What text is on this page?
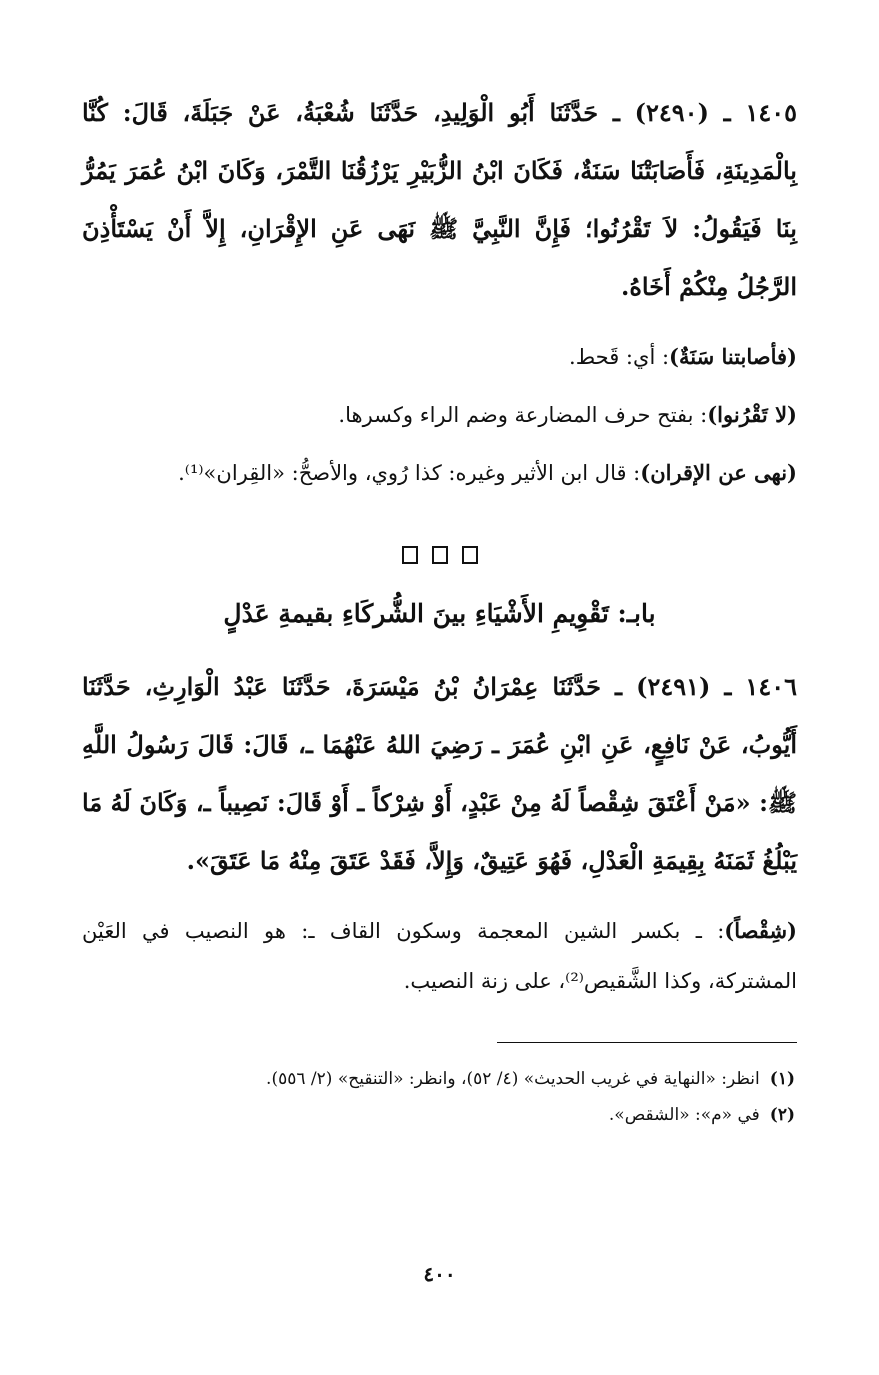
١٤٠٥ ـ (٢٤٩٠) ـ حَدَّثَنَا أَبُو الْوَلِيدِ، حَدَّثَنَا شُعْبَةُ، عَنْ جَبَلَةَ، قَالَ: كُنَّا بِالْمَدِينَةِ، فَأَصَابَتْنَا سَنَةٌ، فَكَانَ ابْنُ الزُّبَيْرِ يَرْزُقُنَا التَّمْرَ، وَكَانَ ابْنُ عُمَرَ يَمُرُّ بِنَا فَيَقُولُ: لاَ تَقْرُنُوا؛ فَإِنَّ النَّبِيَّ ﷺ نَهَى عَنِ الإِقْرَانِ، إِلاَّ أَنْ يَسْتَأْذِنَ الرَّجُلُ مِنْكُمْ أَخَاهُ.

(فأصابتنا سَنَةٌ): أي: قَحط.

(لا تَقْرُنوا): بفتح حرف المضارعة وضم الراء وكسرها.

(نهى عن الإقران): قال ابن الأثير وغيره: كذا رُوي، والأصحُّ: «القِران»⁽¹⁾.

بابـ: تَقْوِيمِ الأَشْيَاءِ بينَ الشُّركَاءِ بقيمةِ عَدْلٍ

١٤٠٦ ـ (٢٤٩١) ـ حَدَّثَنَا عِمْرَانُ بْنُ مَيْسَرَةَ، حَدَّثَنَا عَبْدُ الْوَارِثِ، حَدَّثَنَا أَيُّوبُ، عَنْ نَافِعٍ، عَنِ ابْنِ عُمَرَ ـ رَضِيَ اللهُ عَنْهُمَا ـ، قَالَ: قَالَ رَسُولُ اللَّهِ ﷺ: «مَنْ أَعْتَقَ شِقْصاً لَهُ مِنْ عَبْدٍ، أَوْ شِرْكاً ـ أَوْ قَالَ: نَصِيباً ـ، وَكَانَ لَهُ مَا يَبْلُغُ ثَمَنَهُ بِقِيمَةِ الْعَدْلِ، فَهُوَ عَتِيقٌ، وَإِلاَّ، فَقَدْ عَتَقَ مِنْهُ مَا عَتَقَ».

(شِقْصاً): ـ بكسر الشين المعجمة وسكون القاف ـ: هو النصيب في العَيْن المشتركة، وكذا الشَّقيص⁽²⁾، على زنة النصيب.

(١)انظر: «النهاية في غريب الحديث» (٤/ ٥٢)، وانظر: «التنقيح» (٢/ ٥٥٦).

(٢)في «م»: «الشقص».

٤٠٠
